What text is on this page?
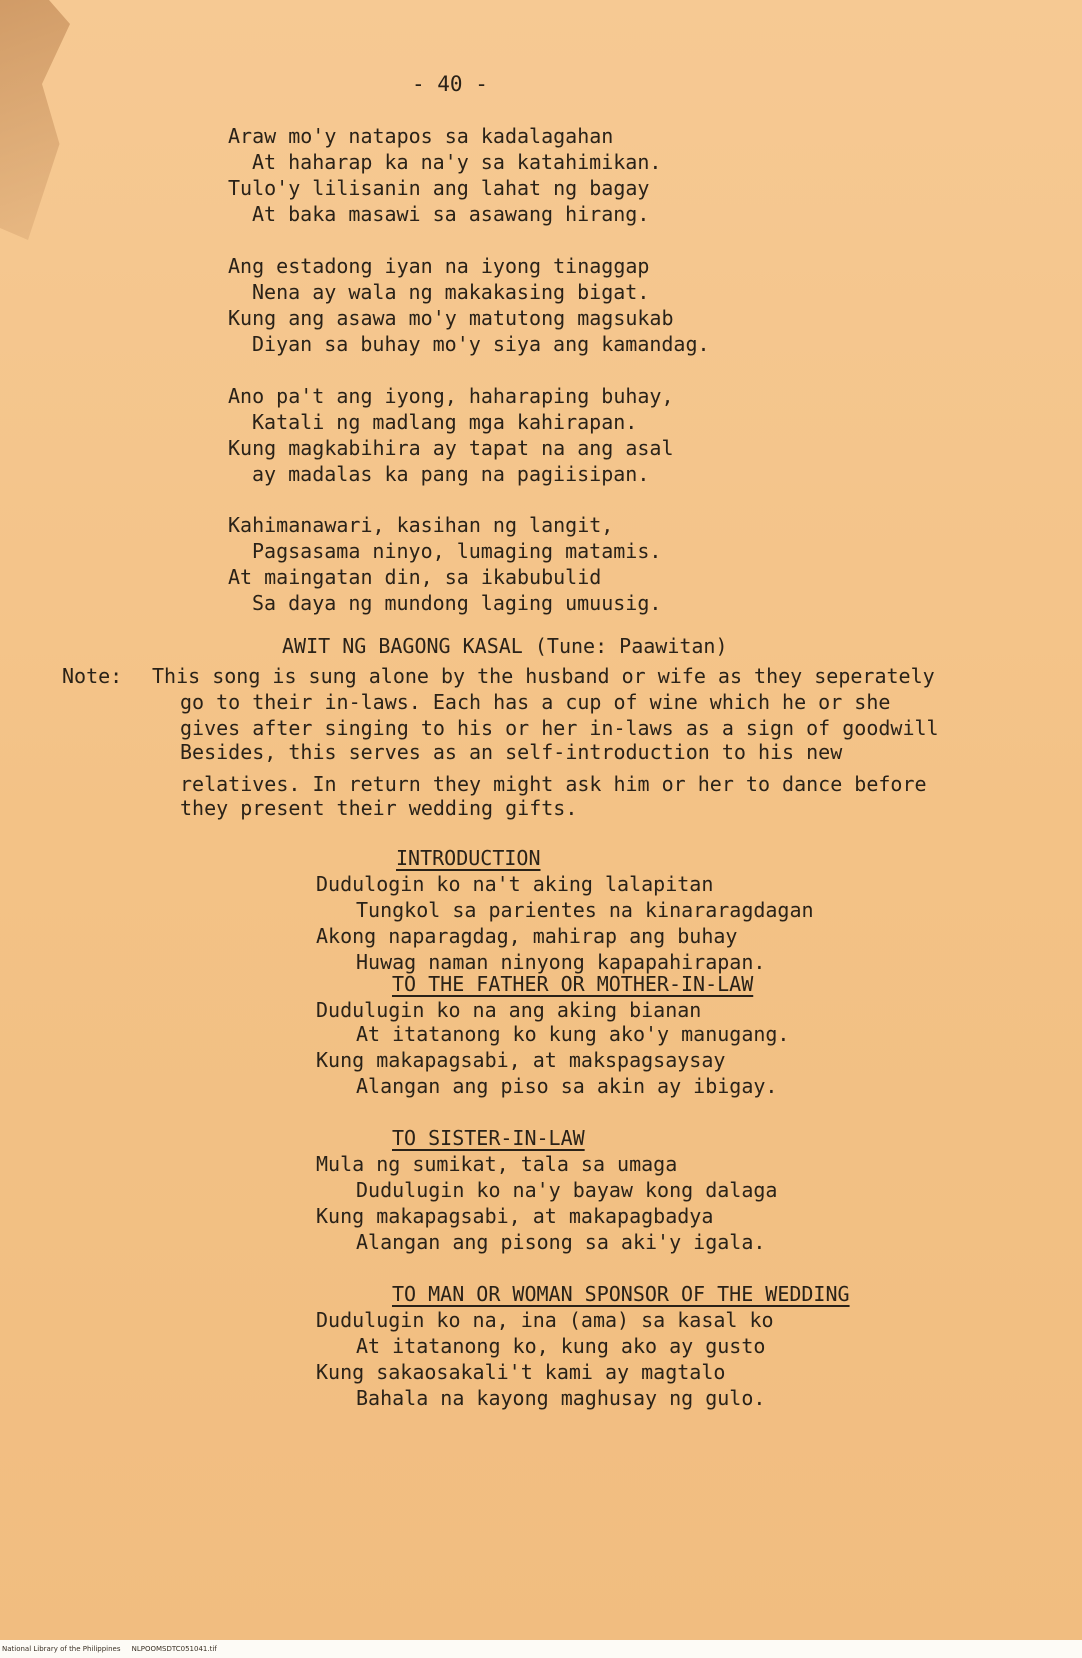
- 40 -
Araw mo'y natapos sa kadalagahan
At haharap ka na'y sa katahimikan.
Tulo'y lilisanin ang lahat ng bagay
At baka masawi sa asawang hirang.
Ang estadong iyan na iyong tinaggap
Nena ay wala ng makakasing bigat.
Kung ang asawa mo'y matutong magsukab
Diyan sa buhay mo'y siya ang kamandag.
Ano pa't ang iyong, haharaping buhay,
Katali ng madlang mga kahirapan.
Kung magkabihira ay tapat na ang asal
ay madalas ka pang na pagiisipan.
Kahimanawari, kasihan ng langit,
Pagsasama ninyo, lumaging matamis.
At maingatan din, sa ikabubulid
Sa daya ng mundong laging umuusig.
AWIT NG BAGONG KASAL (Tune: Paawitan)
Note: This song is sung alone by the husband or wife as they seperately
go to their in-laws. Each has a cup of wine which he or she
gives after singing to his or her in-laws as a sign of goodwill
Besides, this serves as an self-introduction to his new
relatives. In return they might ask him or her to dance before
they present their wedding gifts.
INTRODUCTION
Dudulogin ko na't aking lalapitan
Tungkol sa parientes na kinararagdagan
Akong naparagdag, mahirap ang buhay
Huwag naman ninyong kapapahirapan.
TO THE FATHER OR MOTHER-IN-LAW
Dudulugin ko na ang aking bianan
At itatanong ko kung ako'y manugang.
Kung makapagsabi, at makspagsaysay
Alangan ang piso sa akin ay ibigay.
TO SISTER-IN-LAW
Mula ng sumikat, tala sa umaga
Dudulugin ko na'y bayaw kong dalaga
Kung makapagsabi, at makapagbadya
Alangan ang pisong sa aki'y igala.
TO MAN OR WOMAN SPONSOR OF THE WEDDING
Dudulugin ko na, ina (ama) sa kasal ko
At itatanong ko, kung ako ay gusto
Kung sakaosakali't kami ay magtalo
Bahala na kayong maghusay ng gulo.
National Library of the Philippines     NLPOOMSDTC051041.tif
